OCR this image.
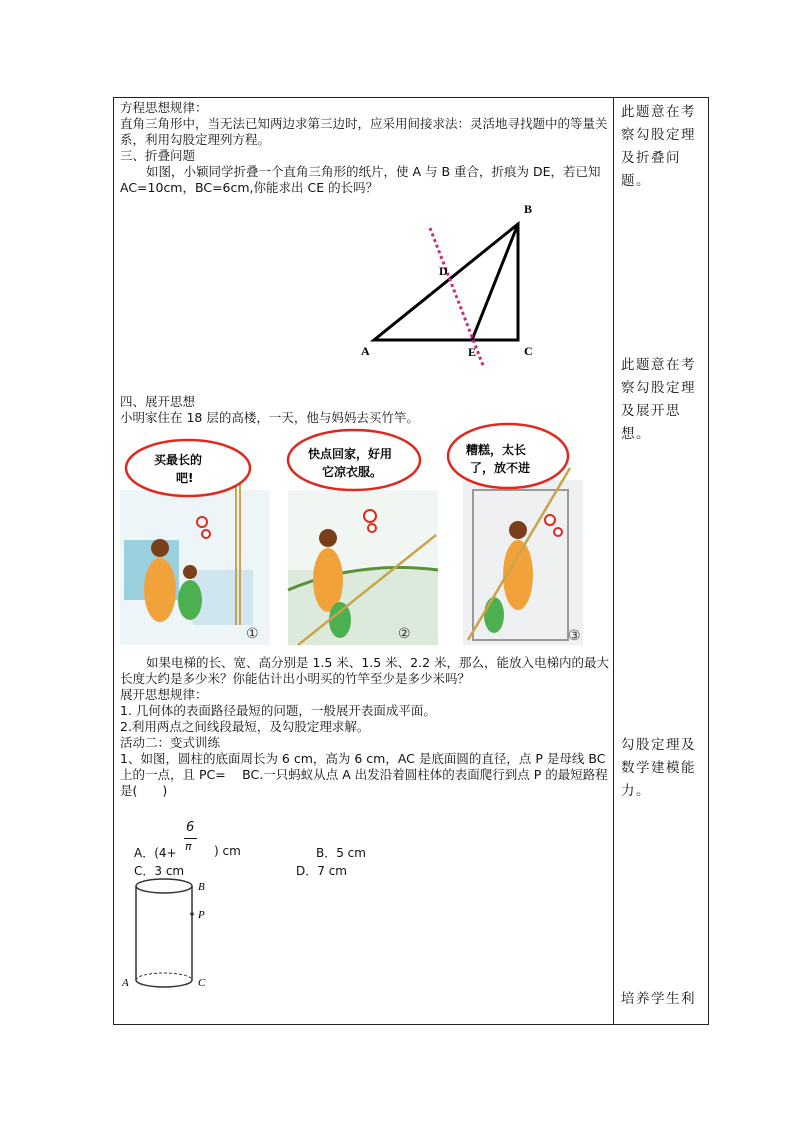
方程思想规律：

直角三角形中，当无法已知两边求第三边时，应采用间接求法：灵活地寻找题中的等量关系，利用勾股定理列方程。

三、折叠问题

如图，小颖同学折叠一个直角三角形的纸片，使 A 与 B 重合，折痕为 DE，若已知 AC=10cm，BC=6cm,你能求出 CE 的长吗？

B
D
A	E	C

四、展开思想

小明家住在 18 层的高楼，一天，他与妈妈去买竹竿。

买最长的
吧!
①
快点回家，好用
它凉衣服。
②
糟糕，太长
了，放不进
③

如果电梯的长、宽、高分别是 1.5 米、1.5 米、2.2 米，那么，能放入电梯内的最大长度大约是多少米？你能估计出小明买的竹竿至少是多少米吗？

展开思想规律：

1. 几何体的表面路径最短的问题，一般展开表面成平面。

2.利用两点之间线段最短，及勾股定理求解。

活动二：变式训练

1、如图，圆柱的底面周长为 6 cm，高为 6 cm，AC 是底面圆的直径，点 P 是母线 BC 上的一点，且 PC=　 BC.一只蚂蚁从点 A 出发沿着圆柱体的表面爬行到点 P 的最短路程是(　　)

6
π
A．(4+	) cm	B．5 cm
C．3 cm	D．7 cm
B
P
A	C
此题意在考
察勾股定理
及折叠问题。
此题意在考
察勾股定理
及展开思想。
勾股定理及
数学建模能
力。
培养学生利
